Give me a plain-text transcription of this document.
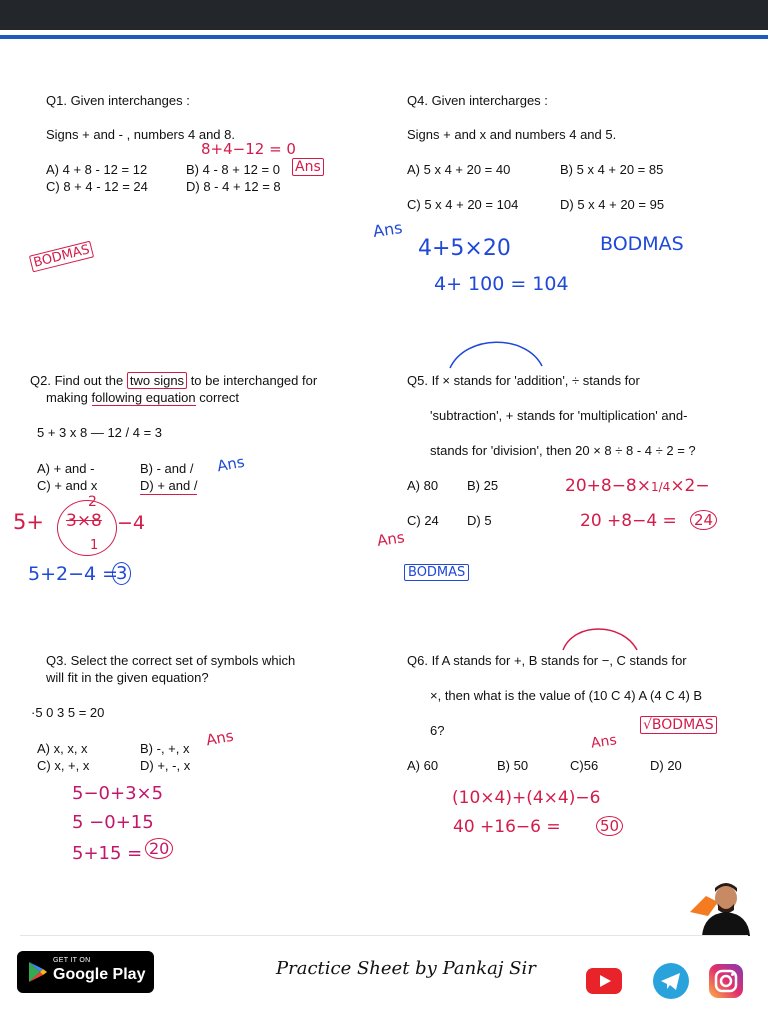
Q1. Given interchanges :
Signs + and - , numbers 4 and 8.
8+4−12 = 0
A) 4 + 8 - 12 = 12	B) 4 - 8 + 12 = 0 Ans
C) 8 + 4 - 12 = 24	D) 8 - 4 + 12 = 8
BODMAS
Q4. Given intercharges :
Signs + and x and numbers 4 and 5.
A) 5 x 4 + 20 = 40	B) 5 x 4 + 20 = 85
C) 5 x 4 + 20 = 104	D) 5 x 4 + 20 = 95
Ans
4+5×20
4+ 100 = 104
BODMAS
Q2. Find out the two signs to be interchanged for
making following equation correct
5 + 3 x 8 — 12 / 4 = 3
A) + and -	B) - and /
C) + and x	D) + and /
Ans
5+
2
3×8
1
−4
5+2−4 =
3
Q5. If × stands for 'addition', ÷ stands for
'subtraction', + stands for 'multiplication' and-
stands for 'division', then 20 × 8 ÷ 8 - 4 ÷ 2 = ?
A) 80 B) 25
C) 24 D) 5
Ans
BODMAS
20+8−8×1/4×2−
20 +8−4 = 24
Q3. Select the correct set of symbols which
will fit in the given equation?
·5 0 3 5 = 20
A) x, x, x	B) -, +, x Ans
C) x, +, x	D) +, -, x
5−0+3×5
5 −0+15
5+15 = 20
Q6. If A stands for +, B stands for −, C stands for
×, then what is the value of (10 C 4) A (4 C 4) B
6?
A) 60	B) 50	C)56	D) 20
Ans
√BODMAS
(10×4)+(4×4)−6
40 +16−6 =	50
GET IT ON
Google Play	Practice Sheet by Pankaj Sir
